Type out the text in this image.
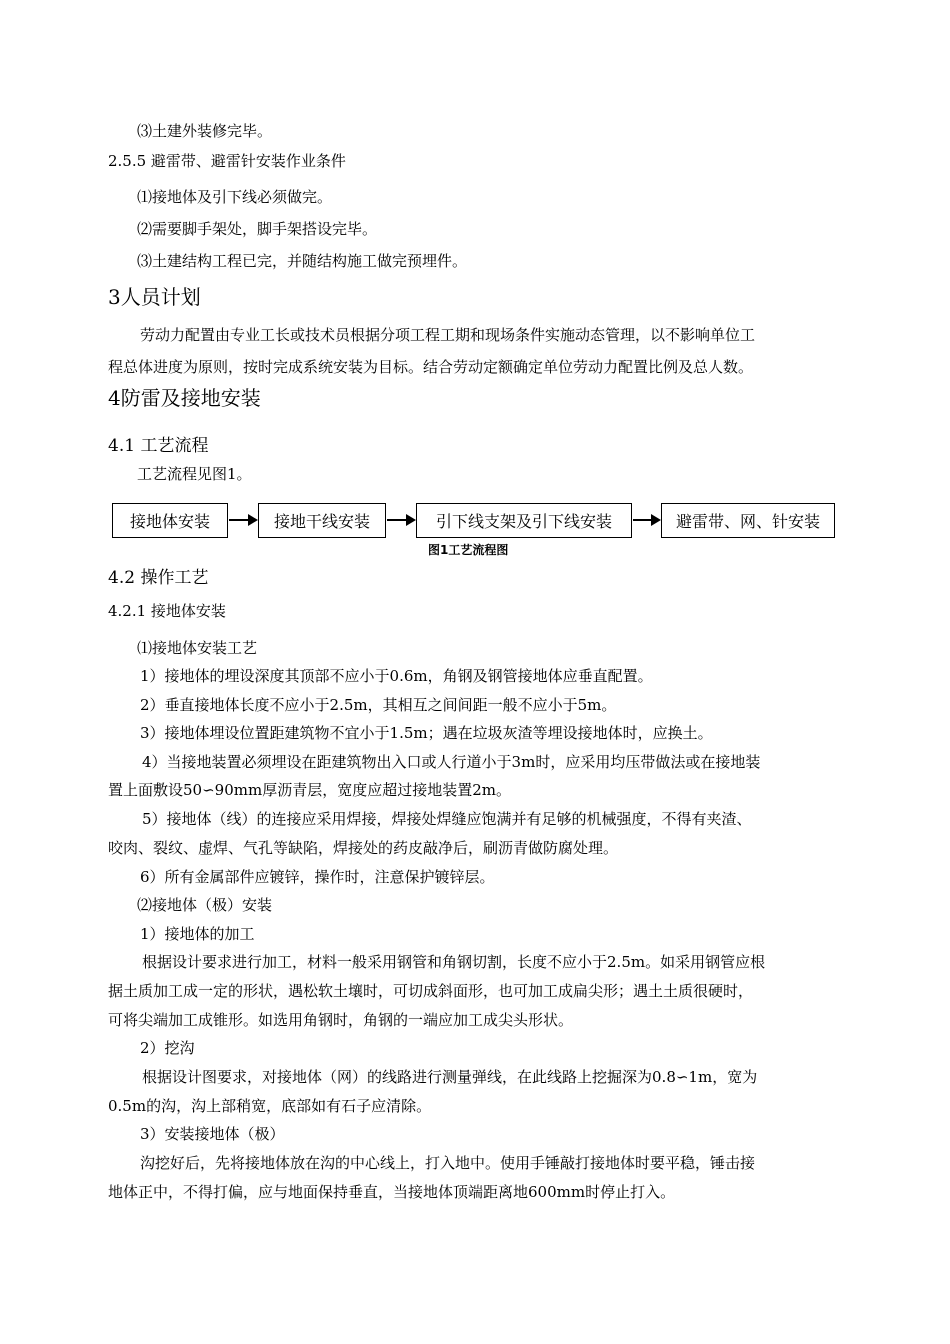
⑶土建外装修完毕。
2.5.5 避雷带、避雷针安装作业条件
⑴接地体及引下线必须做完。
⑵需要脚手架处，脚手架搭设完毕。
⑶土建结构工程已完，并随结构施工做完预埋件。
3人员计划
劳动力配置由专业工长或技术员根据分项工程工期和现场条件实施动态管理，以不影响单位工
程总体进度为原则，按时完成系统安装为目标。结合劳动定额确定单位劳动力配置比例及总人数。
4防雷及接地安装
4.1 工艺流程
工艺流程见图1。
接地体安装	接地干线安装	引下线支架及引下线安装	避雷带、网、针安装
图1工艺流程图
4.2 操作工艺
4.2.1 接地体安装
⑴接地体安装工艺
1）接地体的埋设深度其顶部不应小于0.6m，角钢及钢管接地体应垂直配置。
2）垂直接地体长度不应小于2.5m，其相互之间间距一般不应小于5m。
3）接地体埋设位置距建筑物不宜小于1.5m；遇在垃圾灰渣等埋设接地体时，应换土。
4）当接地装置必须埋设在距建筑物出入口或人行道小于3m时，应采用均压带做法或在接地装
置上面敷设50∽90mm厚沥青层，宽度应超过接地装置2m。
5）接地体（线）的连接应采用焊接，焊接处焊缝应饱满并有足够的机械强度，不得有夹渣、
咬肉、裂纹、虚焊、气孔等缺陷，焊接处的药皮敲净后，刷沥青做防腐处理。
6）所有金属部件应镀锌，操作时，注意保护镀锌层。
⑵接地体（极）安装
1）接地体的加工
根据设计要求进行加工，材料一般采用钢管和角钢切割，长度不应小于2.5m。如采用钢管应根
据土质加工成一定的形状，遇松软土壤时，可切成斜面形，也可加工成扁尖形；遇土土质很硬时，
可将尖端加工成锥形。如选用角钢时，角钢的一端应加工成尖头形状。
2）挖沟
根据设计图要求，对接地体（网）的线路进行测量弹线，在此线路上挖掘深为0.8∽1m，宽为
0.5m的沟，沟上部稍宽，底部如有石子应清除。
3）安装接地体（极）
沟挖好后，先将接地体放在沟的中心线上，打入地中。使用手锤敲打接地体时要平稳，锤击接
地体正中，不得打偏，应与地面保持垂直，当接地体顶端距离地600mm时停止打入。
